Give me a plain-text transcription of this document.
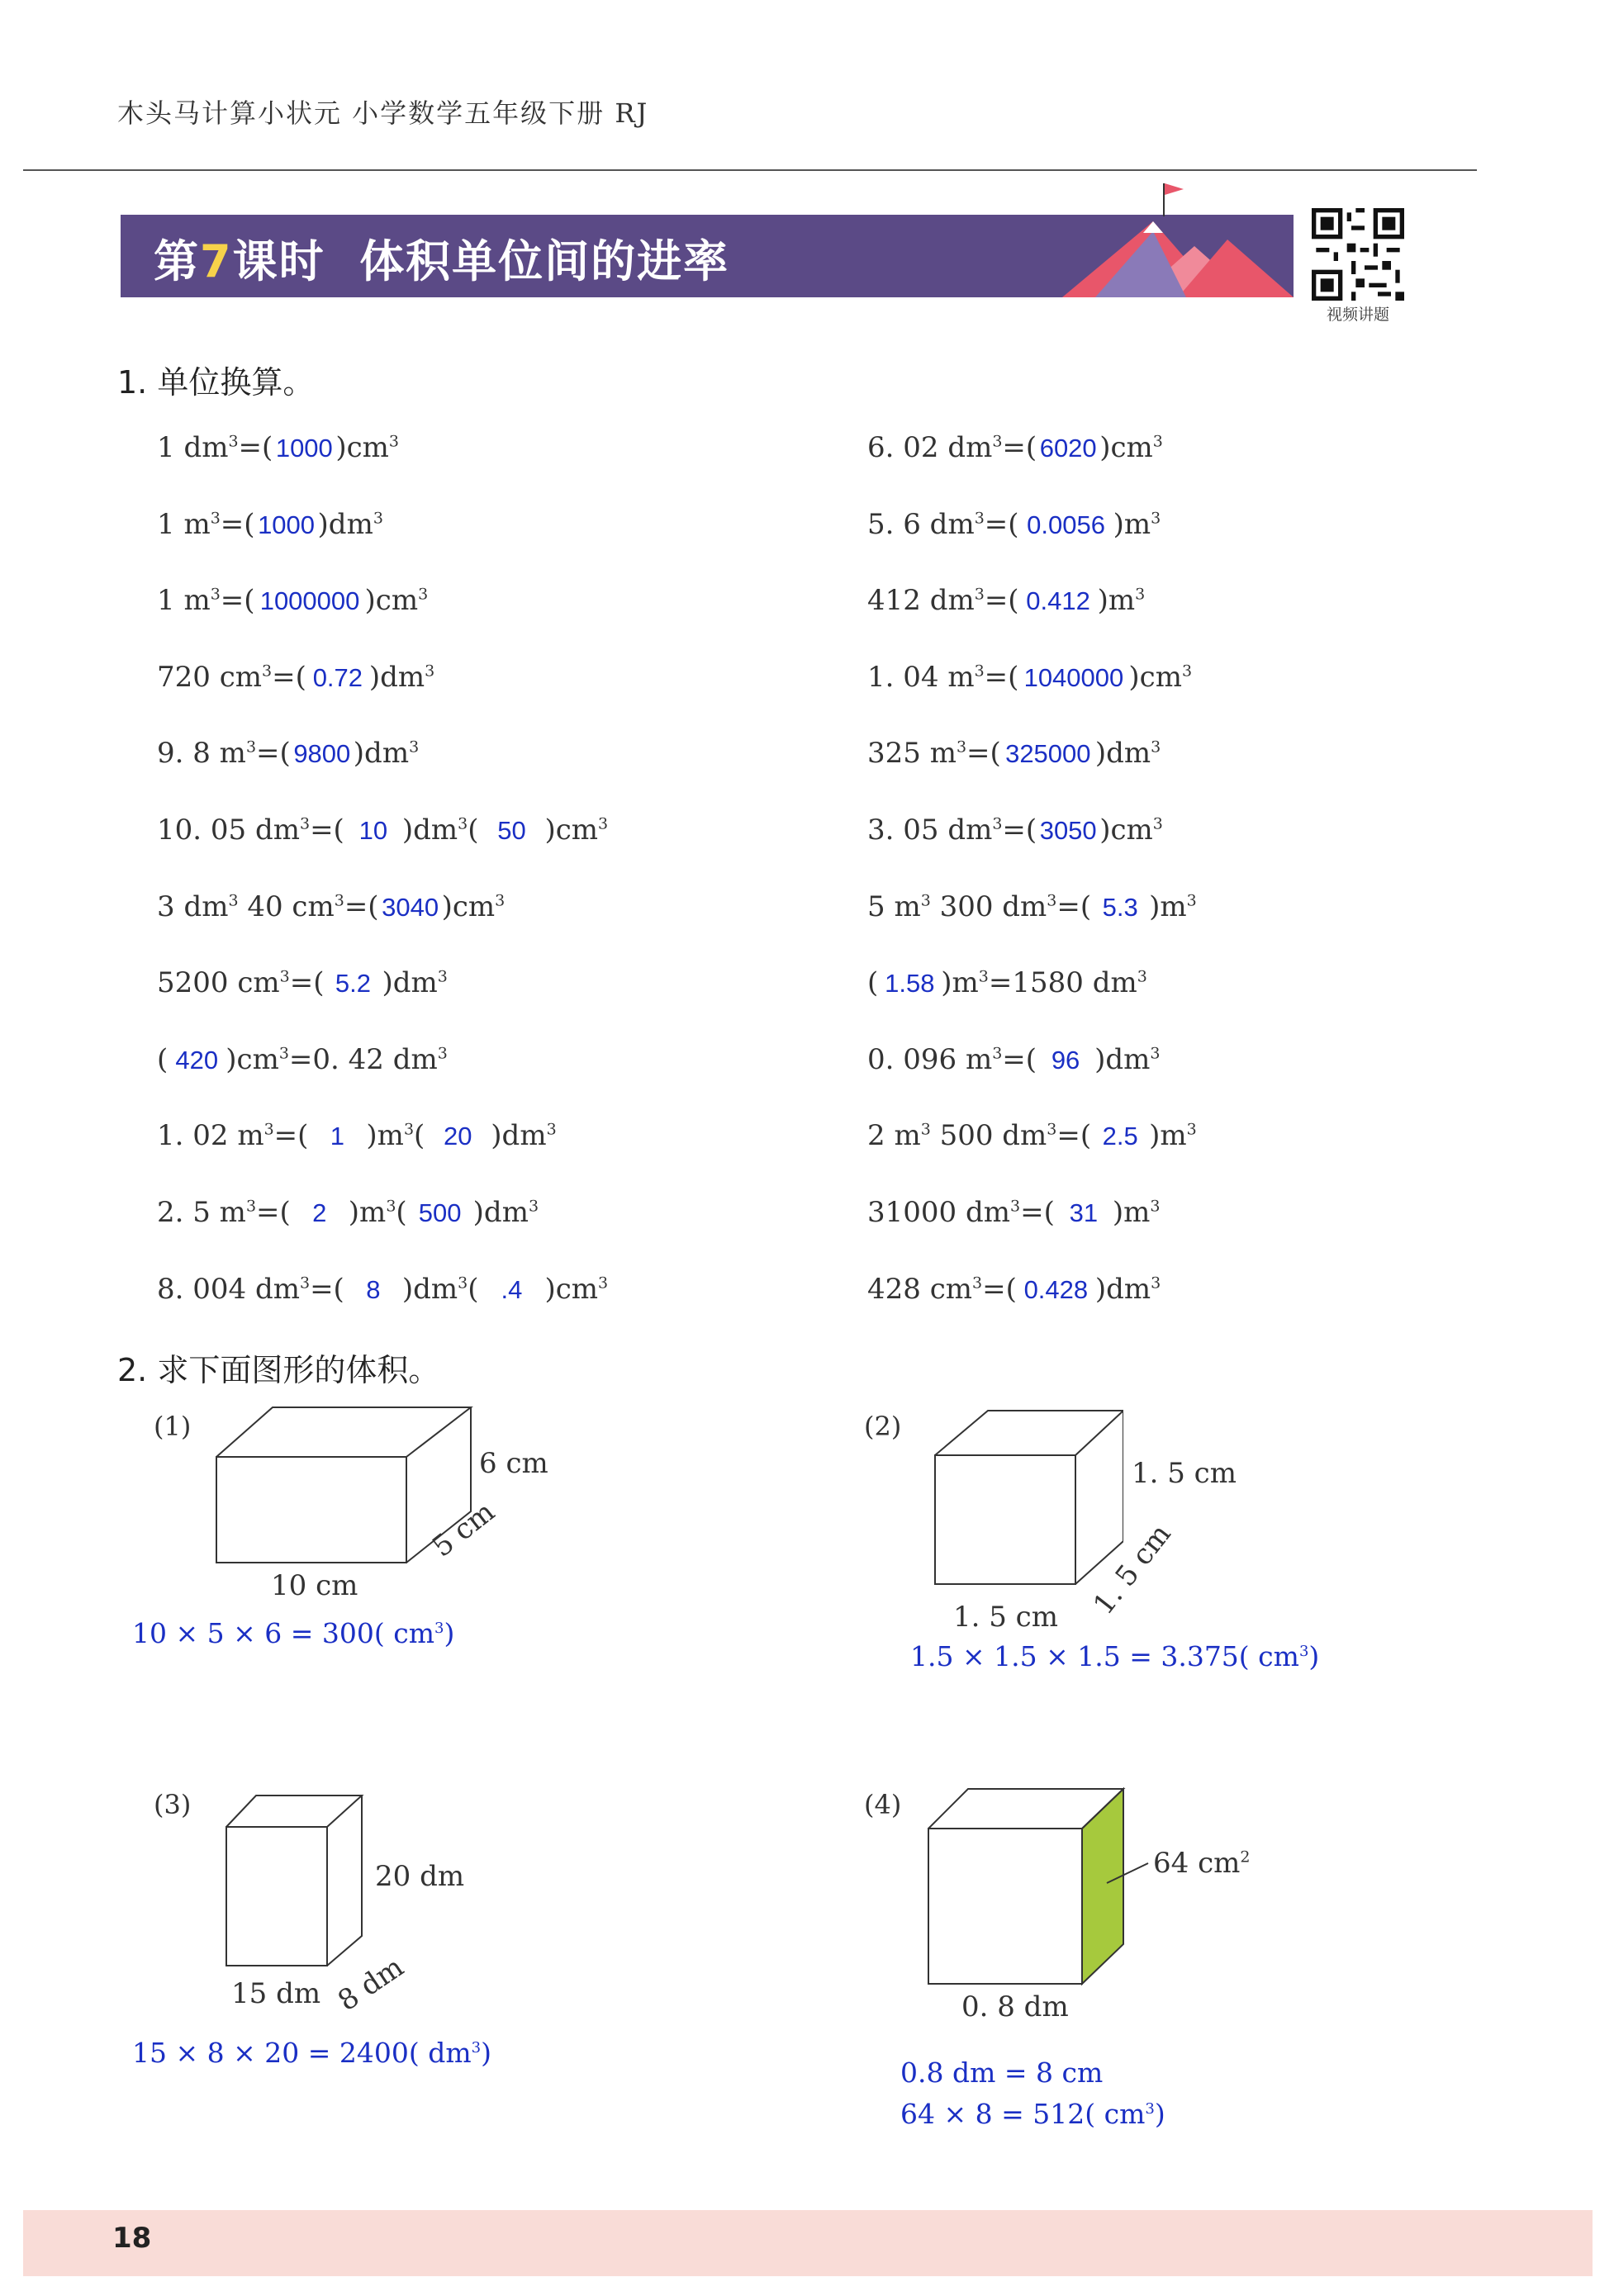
木头马计算小状元 小学数学五年级下册 RJ
第7课时 体积单位间的进率
视频讲题
1. 单位换算。
1 $dm^3=$( 1000 )$cm^3$
1 $m^3=$( 1000 )$dm^3$
1 $m^3=$( 1000000 )$cm^3$
720 $cm^3=$( 0.72 )$dm^3$
9. 8 $m^3=$( 9800 )$dm^3$
10. 05 $dm^3=$( 10 )$dm^3$( 50 )$cm^3$
3 $dm^3$ 40 $cm^3=$( 3040 )$cm^3$
5200 $cm^3=$( 5.2 )$dm^3$
( 420 )$cm^3=0$. 42 $dm^3$
1. 02 $m^3=$( 1 )$m^3$( 20 )$dm^3$
2. 5 $m^3=$( 2 )$m^3$( 500 )$dm^3$
8. 004 $dm^3=$( 8 )$dm^3$( .4 )$cm^3$
6. 02 $dm^3=$( 6020 )$cm^3$
5. 6 $dm^3=$( 0.0056 )$m^3$
412 $dm^3=$( 0.412 )$m^3$
1. 04 $m^3=$( 1040000 )$cm^3$
325 $m^3=$( 325000 )$dm^3$
3. 05 $dm^3=$( 3050 )$cm^3$
5 $m^3$ 300 $dm^3=$( 5.3 )$m^3$
( 1.58 )$m^3=1580$ $dm^3$
0. 096 $m^3=$( 96 )$dm^3$
2 $m^3$ 500 $dm^3=$( 2.5 )$m^3$
31000 $dm^3=$( 31 )$m^3$
428 $cm^3=$( 0.428 )$dm^3$
2. 求下面图形的体积。
(1)
6 cm
5 cm
10 cm
10 × 5 × 6 = 300( $cm^3$)
(2)
1. 5 cm
1. 5 cm
1. 5 cm
1.5 × 1.5 × 1.5 = 3.375( $cm^3$)
(3)
20 dm
8 dm
15 dm
15 × 8 × 20 = 2400( $dm^3$)
(4)
64 $cm^2$
0. 8 dm
0.8 dm = 8 cm
64 × 8 = 512( $cm^3$)
18
